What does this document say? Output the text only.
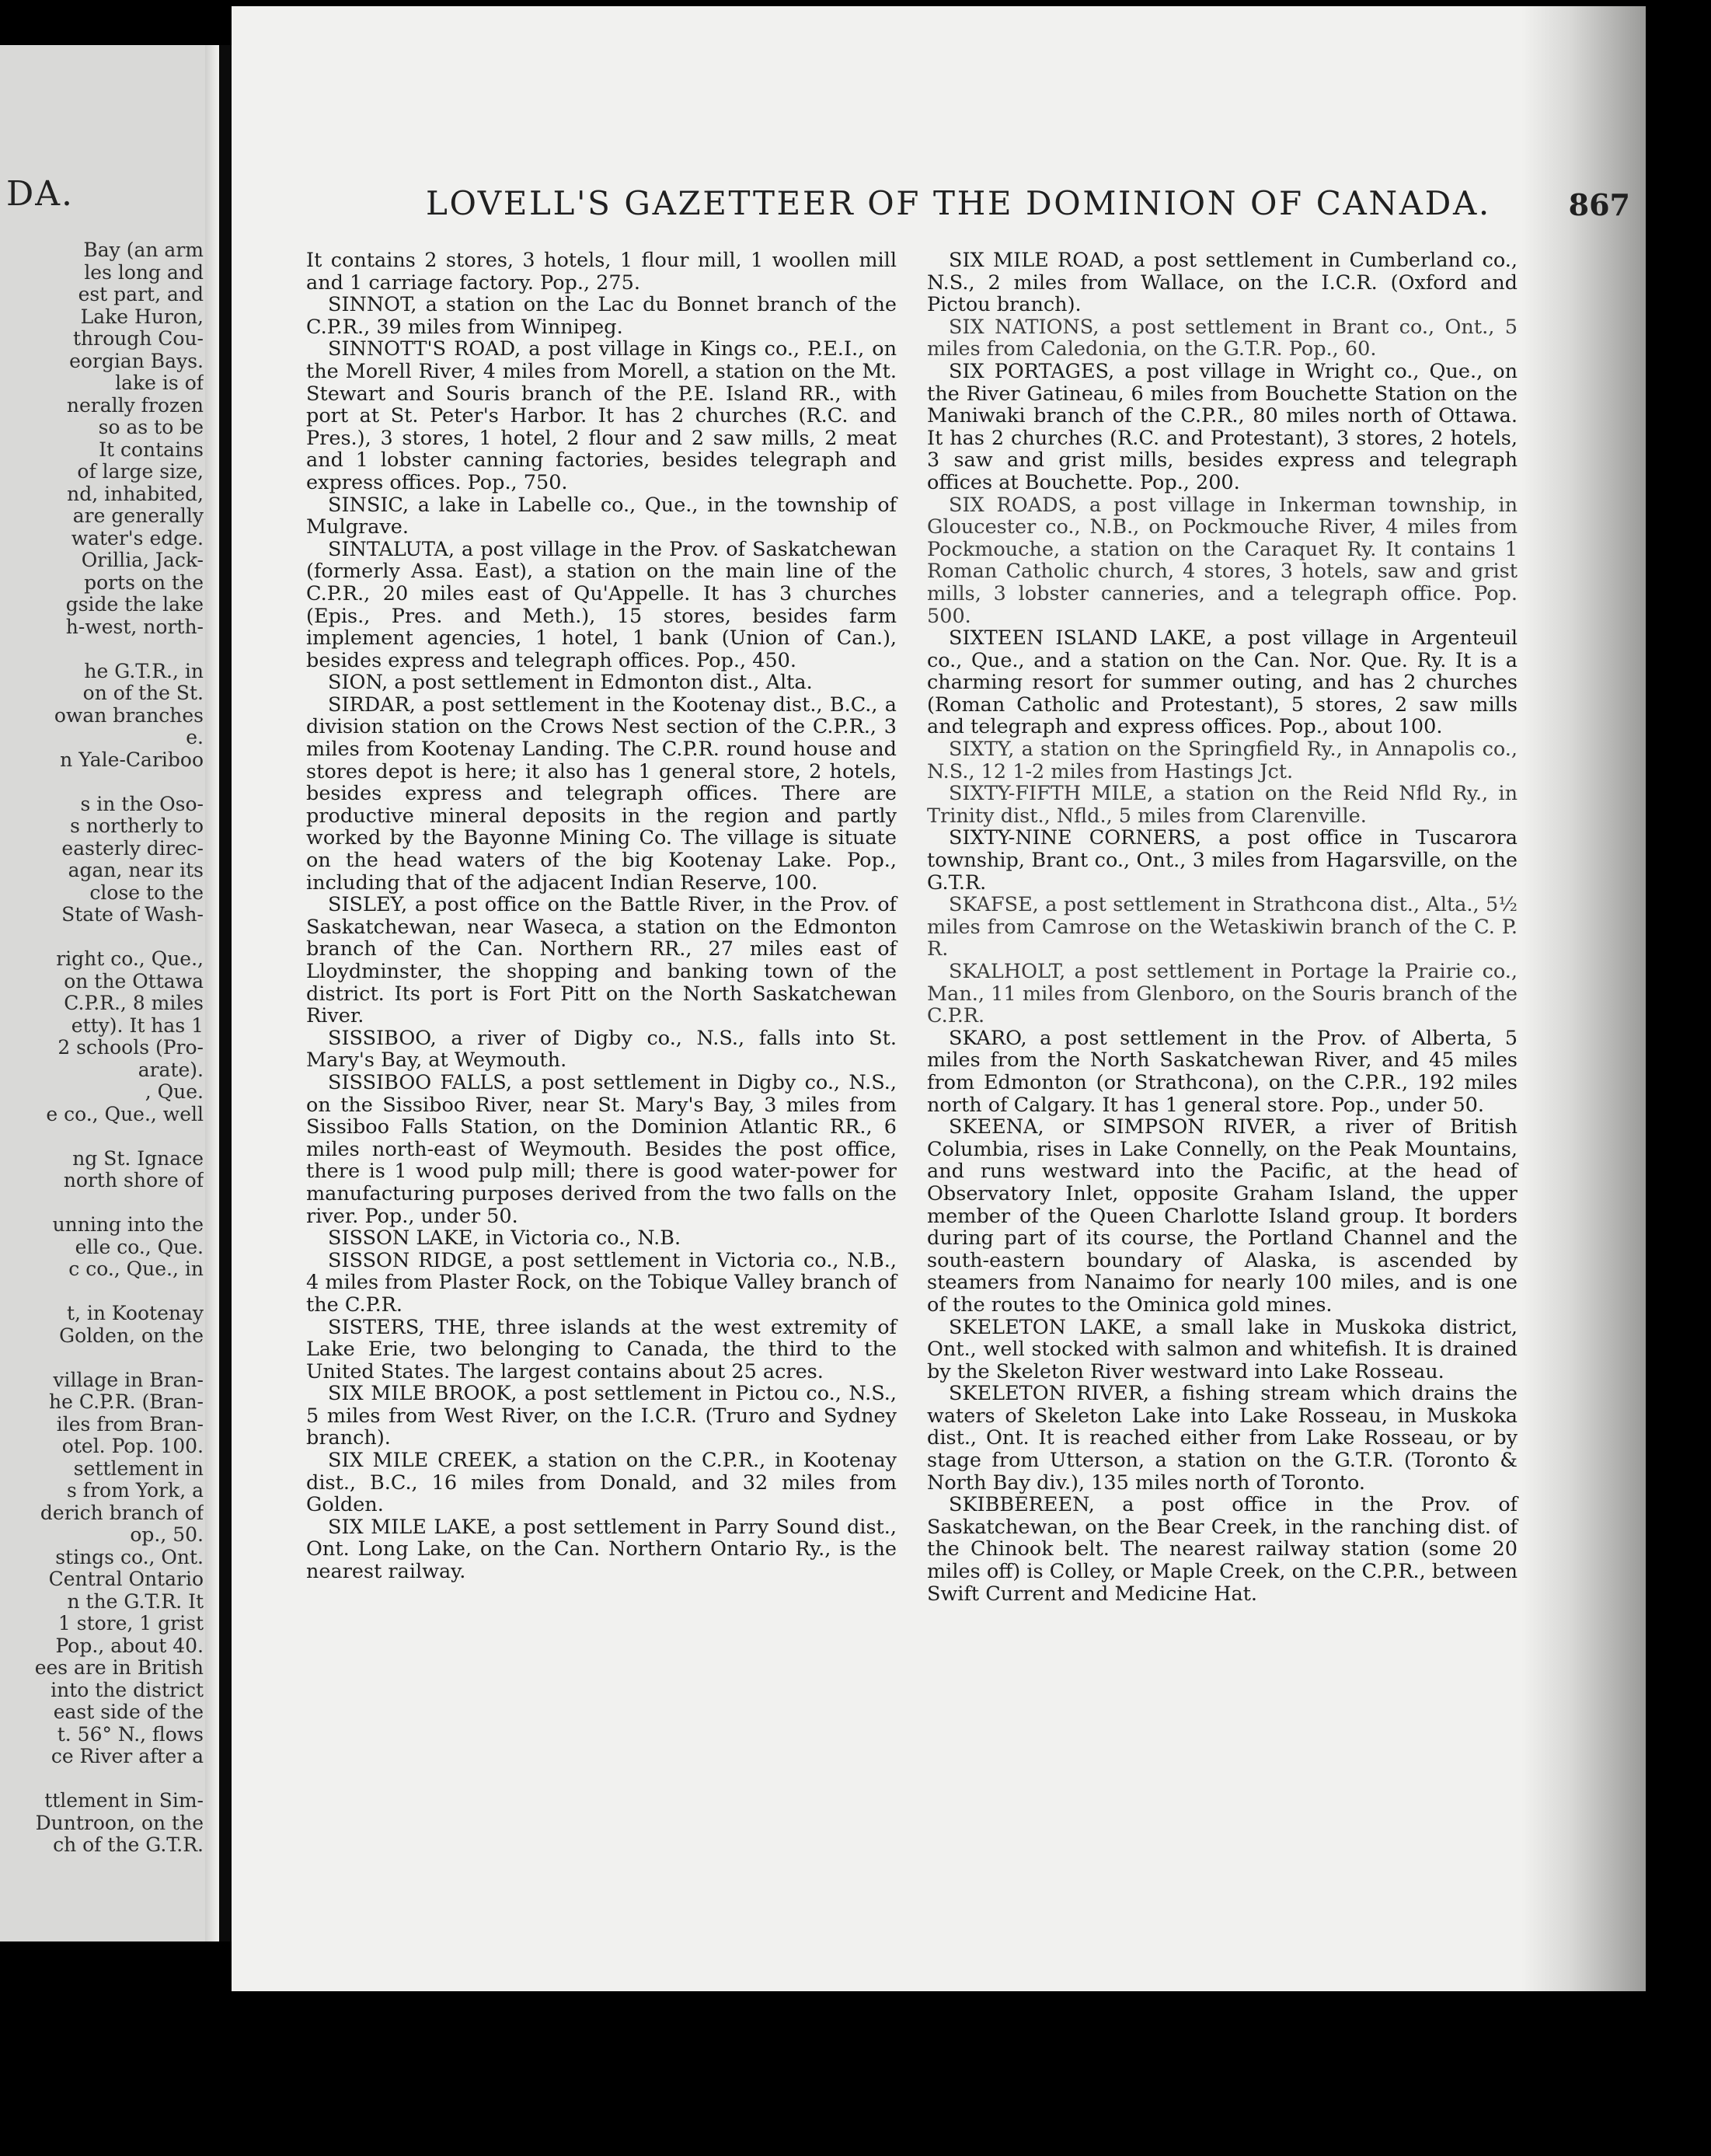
DA.
Bay (an arm
les long and
est part, and
Lake Huron,
through Cou-
eorgian Bays.
lake is of
nerally frozen
so as to be
It contains
of large size,
nd, inhabited,
are generally
water's edge.
Orillia, Jack-
ports on the
gside the lake
h-west, north-

he G.T.R., in
on of the St.
owan branches
e.
n Yale-Cariboo

s in the Oso-
s northerly to
easterly direc-
agan, near its
close to the
State of Wash-

right co., Que.,
on the Ottawa
C.P.R., 8 miles
etty). It has 1
2 schools (Pro-
arate).
, Que.
e co., Que., well

ng St. Ignace
north shore of

unning into the
elle co., Que.
c co., Que., in

t, in Kootenay
Golden, on the

village in Bran-
he C.P.R. (Bran-
iles from Bran-
otel. Pop. 100.
settlement in
s from York, a
derich branch of
op., 50.
stings co., Ont.
Central Ontario
n the G.T.R. It
1 store, 1 grist
Pop., about 40.
ees are in British
into the district
east side of the
t. 56° N., flows
ce River after a

ttlement in Sim-
Duntroon, on the
ch of the G.T.R.
LOVELL'S GAZETTEER OF THE DOMINION OF CANADA.	867

It contains 2 stores, 3 hotels, 1 flour mill, 1 woollen mill and 1 carriage factory. Pop., 275.

SINNOT, a station on the Lac du Bonnet branch of the C.P.R., 39 miles from Winnipeg.

SINNOTT'S ROAD, a post village in Kings co., P.E.I., on the Morell River, 4 miles from Morell, a station on the Mt. Stewart and Souris branch of the P.E. Island RR., with port at St. Peter's Harbor. It has 2 churches (R.C. and Pres.), 3 stores, 1 hotel, 2 flour and 2 saw mills, 2 meat and 1 lobster canning factories, besides telegraph and express offices. Pop., 750.

SINSIC, a lake in Labelle co., Que., in the township of Mulgrave.

SINTALUTA, a post village in the Prov. of Saskatchewan (formerly Assa. East), a station on the main line of the C.P.R., 20 miles east of Qu'Appelle. It has 3 churches (Epis., Pres. and Meth.), 15 stores, besides farm implement agencies, 1 hotel, 1 bank (Union of Can.), besides express and telegraph offices. Pop., 450.

SION, a post settlement in Edmonton dist., Alta.

SIRDAR, a post settlement in the Kootenay dist., B.C., a division station on the Crows Nest section of the C.P.R., 3 miles from Kootenay Landing. The C.P.R. round house and stores depot is here; it also has 1 general store, 2 hotels, besides express and telegraph offices. There are productive mineral deposits in the region and partly worked by the Bayonne Mining Co. The village is situate on the head waters of the big Kootenay Lake. Pop., including that of the adjacent Indian Reserve, 100.

SISLEY, a post office on the Battle River, in the Prov. of Saskatchewan, near Waseca, a station on the Edmonton branch of the Can. Northern RR., 27 miles east of Lloydminster, the shopping and banking town of the district. Its port is Fort Pitt on the North Saskatchewan River.

SISSIBOO, a river of Digby co., N.S., falls into St. Mary's Bay, at Weymouth.

SISSIBOO FALLS, a post settlement in Digby co., N.S., on the Sissiboo River, near St. Mary's Bay, 3 miles from Sissiboo Falls Station, on the Dominion Atlantic RR., 6 miles north-east of Weymouth. Besides the post office, there is 1 wood pulp mill; there is good water-power for manufacturing purposes derived from the two falls on the river. Pop., under 50.

SISSON LAKE, in Victoria co., N.B.

SISSON RIDGE, a post settlement in Victoria co., N.B., 4 miles from Plaster Rock, on the Tobique Valley branch of the C.P.R.

SISTERS, THE, three islands at the west extremity of Lake Erie, two belonging to Canada, the third to the United States. The largest contains about 25 acres.

SIX MILE BROOK, a post settlement in Pictou co., N.S., 5 miles from West River, on the I.C.R. (Truro and Sydney branch).

SIX MILE CREEK, a station on the C.P.R., in Kootenay dist., B.C., 16 miles from Donald, and 32 miles from Golden.

SIX MILE LAKE, a post settlement in Parry Sound dist., Ont. Long Lake, on the Can. Northern Ontario Ry., is the nearest railway.

SIX MILE ROAD, a post settlement in Cumberland co., N.S., 2 miles from Wallace, on the I.C.R. (Oxford and Pictou branch).

SIX NATIONS, a post settlement in Brant co., Ont., 5 miles from Caledonia, on the G.T.R. Pop., 60.

SIX PORTAGES, a post village in Wright co., Que., on the River Gatineau, 6 miles from Bouchette Station on the Maniwaki branch of the C.P.R., 80 miles north of Ottawa. It has 2 churches (R.C. and Protestant), 3 stores, 2 hotels, 3 saw and grist mills, besides express and telegraph offices at Bouchette. Pop., 200.

SIX ROADS, a post village in Inkerman township, in Gloucester co., N.B., on Pockmouche River, 4 miles from Pockmouche, a station on the Caraquet Ry. It contains 1 Roman Catholic church, 4 stores, 3 hotels, saw and grist mills, 3 lobster canneries, and a telegraph office. Pop. 500.

SIXTEEN ISLAND LAKE, a post village in Argenteuil co., Que., and a station on the Can. Nor. Que. Ry. It is a charming resort for summer outing, and has 2 churches (Roman Catholic and Protestant), 5 stores, 2 saw mills and telegraph and express offices. Pop., about 100.

SIXTY, a station on the Springfield Ry., in Annapolis co., N.S., 12 1-2 miles from Hastings Jct.

SIXTY-FIFTH MILE, a station on the Reid Nfld Ry., in Trinity dist., Nfld., 5 miles from Clarenville.

SIXTY-NINE CORNERS, a post office in Tuscarora township, Brant co., Ont., 3 miles from Hagarsville, on the G.T.R.

SKAFSE, a post settlement in Strathcona dist., Alta., 5½ miles from Camrose on the Wetaskiwin branch of the C. P. R.

SKALHOLT, a post settlement in Portage la Prairie co., Man., 11 miles from Glenboro, on the Souris branch of the C.P.R.

SKARO, a post settlement in the Prov. of Alberta, 5 miles from the North Saskatchewan River, and 45 miles from Edmonton (or Strathcona), on the C.P.R., 192 miles north of Calgary. It has 1 general store. Pop., under 50.

SKEENA, or SIMPSON RIVER, a river of British Columbia, rises in Lake Connelly, on the Peak Mountains, and runs westward into the Pacific, at the head of Observatory Inlet, opposite Graham Island, the upper member of the Queen Charlotte Island group. It borders during part of its course, the Portland Channel and the south-eastern boundary of Alaska, is ascended by steamers from Nanaimo for nearly 100 miles, and is one of the routes to the Ominica gold mines.

SKELETON LAKE, a small lake in Muskoka district, Ont., well stocked with salmon and whitefish. It is drained by the Skeleton River westward into Lake Rosseau.

SKELETON RIVER, a fishing stream which drains the waters of Skeleton Lake into Lake Rosseau, in Muskoka dist., Ont. It is reached either from Lake Rosseau, or by stage from Utterson, a station on the G.T.R. (Toronto & North Bay div.), 135 miles north of Toronto.

SKIBBEREEN, a post office in the Prov. of Saskatchewan, on the Bear Creek, in the ranching dist. of the Chinook belt. The nearest railway station (some 20 miles off) is Colley, or Maple Creek, on the C.P.R., between Swift Current and Medicine Hat.
